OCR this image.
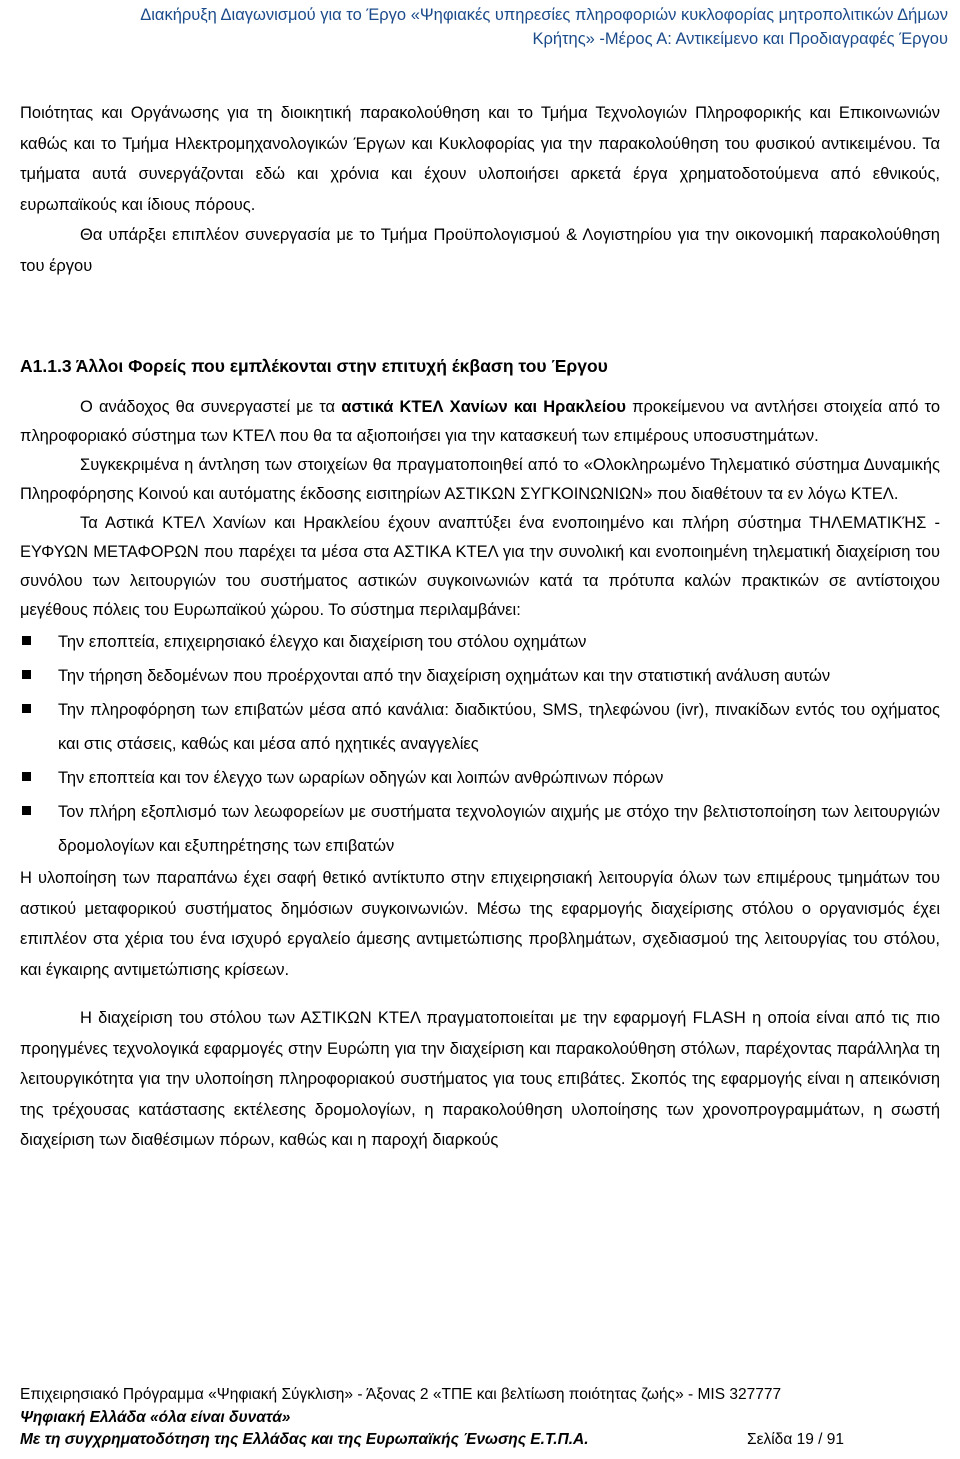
Διακήρυξη Διαγωνισμού για το Έργο «Ψηφιακές υπηρεσίες πληροφοριών κυκλοφορίας μητροπολιτικών Δήμων
Κρήτης» -Μέρος Α: Αντικείμενο και Προδιαγραφές Έργου

Ποιότητας και Οργάνωσης για τη διοικητική παρακολούθηση και το Τμήμα Τεχνολογιών Πληροφορικής και Επικοινωνιών καθώς και το Τμήμα Ηλεκτρομηχανολογικών Έργων και Κυκλοφορίας για την παρακολούθηση του φυσικού αντικειμένου. Τα τμήματα αυτά συνεργάζονται εδώ και χρόνια και έχουν υλοποιήσει αρκετά έργα χρηματοδοτούμενα από εθνικούς, ευρωπαϊκούς και ίδιους πόρους.

Θα υπάρξει επιπλέον συνεργασία με το Τμήμα Προϋπολογισμού & Λογιστηρίου για την οικονομική παρακολούθηση του έργου

Α1.1.3 Άλλοι Φορείς που εμπλέκονται στην επιτυχή έκβαση του Έργου

Ο ανάδοχος θα συνεργαστεί με τα αστικά ΚΤΕΛ Χανίων και Ηρακλείου προκείμενου να αντλήσει στοιχεία από το πληροφοριακό σύστημα των ΚΤΕΛ που θα τα αξιοποιήσει για την κατασκευή των επιμέρους υποσυστημάτων.

Συγκεκριμένα η άντληση των στοιχείων θα πραγματοποιηθεί από το «Ολοκληρωμένο Τηλεματικό σύστημα Δυναμικής Πληροφόρησης Κοινού και αυτόματης έκδοσης εισιτηρίων ΑΣΤΙΚΩΝ ΣΥΓΚΟΙΝΩΝΙΩΝ» που διαθέτουν τα εν λόγω ΚΤΕΛ.

Τα Αστικά ΚΤΕΛ Χανίων και Ηρακλείου έχουν αναπτύξει ένα ενοποιημένο και πλήρη σύστημα ΤΗΛΕΜΑΤΙΚΉΣ - ΕΥΦΥΩΝ ΜΕΤΑΦΟΡΩΝ που παρέχει τα μέσα στα ΑΣΤΙΚΑ ΚΤΕΛ για την συνολική και ενοποιημένη τηλεματική διαχείριση του συνόλου των λειτουργιών του συστήματος αστικών συγκοινωνιών κατά τα πρότυπα καλών πρακτικών σε αντίστοιχου μεγέθους πόλεις του Ευρωπαϊκού χώρου. Το σύστημα περιλαμβάνει:

Την εποπτεία, επιχειρησιακό έλεγχο και διαχείριση του στόλου οχημάτων
Την τήρηση δεδομένων που προέρχονται από την διαχείριση οχημάτων και την στατιστική ανάλυση αυτών
Την πληροφόρηση των επιβατών μέσα από κανάλια: διαδικτύου, SMS, τηλεφώνου (ivr), πινακίδων εντός του οχήματος και στις στάσεις, καθώς και μέσα από ηχητικές αναγγελίες
Την εποπτεία και τον έλεγχο των ωραρίων οδηγών και λοιπών ανθρώπινων πόρων
Τον πλήρη εξοπλισμό των λεωφορείων με συστήματα τεχνολογιών αιχμής με στόχο την βελτιστοποίηση των λειτουργιών δρομολογίων και εξυπηρέτησης των επιβατών

Η υλοποίηση των παραπάνω έχει σαφή θετικό αντίκτυπο στην επιχειρησιακή λειτουργία όλων των επιμέρους τμημάτων του αστικού μεταφορικού συστήματος δημόσιων συγκοινωνιών. Μέσω της εφαρμογής διαχείρισης στόλου ο οργανισμός έχει επιπλέον στα χέρια του ένα ισχυρό εργαλείο άμεσης αντιμετώπισης προβλημάτων, σχεδιασμού της λειτουργίας του στόλου, και έγκαιρης αντιμετώπισης κρίσεων.

Η διαχείριση του στόλου των ΑΣΤΙΚΩΝ ΚΤΕΛ πραγματοποιείται με την εφαρμογή FLASH η οποία είναι από τις πιο προηγμένες τεχνολογικά εφαρμογές στην Ευρώπη για την διαχείριση και παρακολούθηση στόλων, παρέχοντας παράλληλα τη λειτουργικότητα για την υλοποίηση πληροφοριακού συστήματος για τους επιβάτες. Σκοπός της εφαρμογής είναι η απεικόνιση της τρέχουσας κατάστασης εκτέλεσης δρομολογίων, η παρακολούθηση υλοποίησης των χρονοπρογραμμάτων, η σωστή διαχείριση των διαθέσιμων πόρων, καθώς και η παροχή διαρκούς

Επιχειρησιακό Πρόγραμμα «Ψηφιακή Σύγκλιση» - Άξονας 2 «ΤΠΕ και βελτίωση ποιότητας ζωής» - MIS 327777
Ψηφιακή Ελλάδα «όλα είναι δυνατά»
Με τη συγχρηματοδότηση της Ελλάδας και της Ευρωπαϊκής Ένωσης Ε.Τ.Π.Α.	Σελίδα 19 / 91
